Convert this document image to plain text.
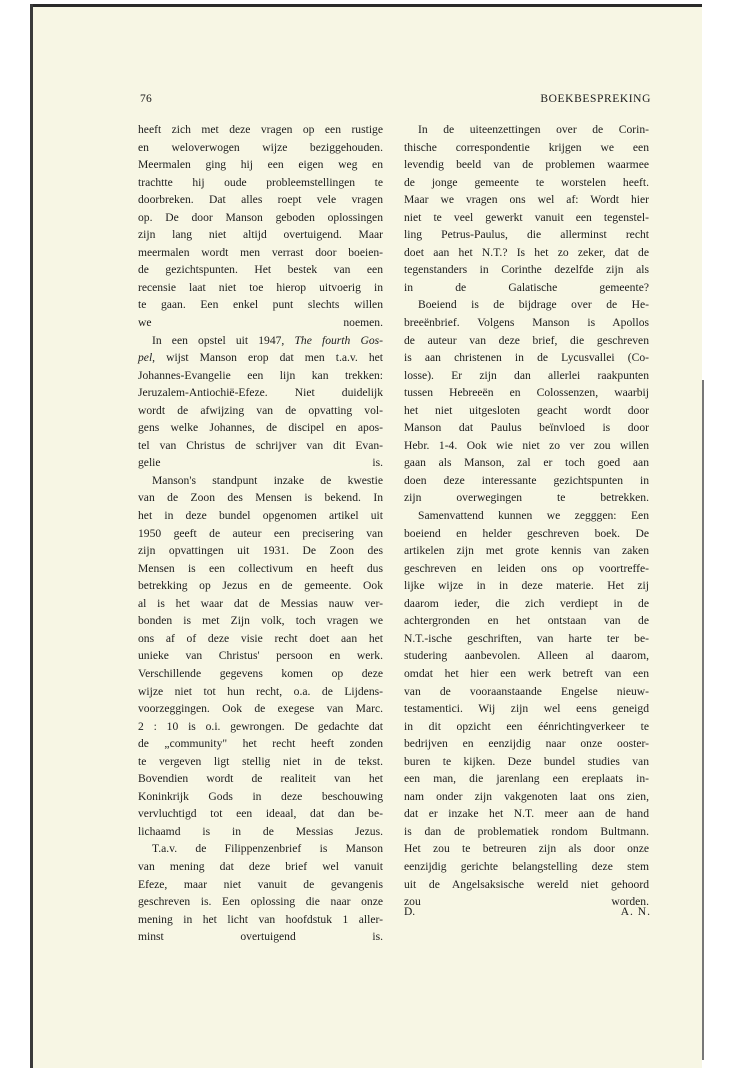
76	BOEKBESPREKING

heeft zich met deze vragen op een rustige
en weloverwogen wijze beziggehouden.
Meermalen ging hij een eigen weg en
trachtte hij oude probleemstellingen te
doorbreken. Dat alles roept vele vragen
op. De door Manson geboden oplossingen
zijn lang niet altijd overtuigend. Maar
meermalen wordt men verrast door boeien-
de gezichtspunten. Het bestek van een
recensie laat niet toe hierop uitvoerig in
te gaan. Een enkel punt slechts willen
we noemen.

In een opstel uit 1947, The fourth Gos-
pel, wijst Manson erop dat men t.a.v. het
Johannes-Evangelie een lijn kan trekken:
Jeruzalem-Antiochië-Efeze. Niet duidelijk
wordt de afwijzing van de opvatting vol-
gens welke Johannes, de discipel en apos-
tel van Christus de schrijver van dit Evan-
gelie is.

Manson's standpunt inzake de kwestie
van de Zoon des Mensen is bekend. In
het in deze bundel opgenomen artikel uit
1950 geeft de auteur een precisering van
zijn opvattingen uit 1931. De Zoon des
Mensen is een collectivum en heeft dus
betrekking op Jezus en de gemeente. Ook
al is het waar dat de Messias nauw ver-
bonden is met Zijn volk, toch vragen we
ons af of deze visie recht doet aan het
unieke van Christus' persoon en werk.
Verschillende gegevens komen op deze
wijze niet tot hun recht, o.a. de Lijdens-
voorzeggingen. Ook de exegese van Marc.
2 : 10 is o.i. gewrongen. De gedachte dat
de „community" het recht heeft zonden
te vergeven ligt stellig niet in de tekst.
Bovendien wordt de realiteit van het
Koninkrijk Gods in deze beschouwing
vervluchtigd tot een ideaal, dat dan be-
lichaamd is in de Messias Jezus.

T.a.v. de Filippenzenbrief is Manson
van mening dat deze brief wel vanuit
Efeze, maar niet vanuit de gevangenis
geschreven is. Een oplossing die naar onze
mening in het licht van hoofdstuk 1 aller-
minst overtuigend is.

In de uiteenzettingen over de Corin-
thische correspondentie krijgen we een
levendig beeld van de problemen waarmee
de jonge gemeente te worstelen heeft.
Maar we vragen ons wel af: Wordt hier
niet te veel gewerkt vanuit een tegenstel-
ling Petrus-Paulus, die allerminst recht
doet aan het N.T.? Is het zo zeker, dat de
tegenstanders in Corinthe dezelfde zijn als
in de Galatische gemeente?

Boeiend is de bijdrage over de He-
breeënbrief. Volgens Manson is Apollos
de auteur van deze brief, die geschreven
is aan christenen in de Lycusvallei (Co-
losse). Er zijn dan allerlei raakpunten
tussen Hebreeën en Colossenzen, waarbij
het niet uitgesloten geacht wordt door
Manson dat Paulus beïnvloed is door
Hebr. 1-4. Ook wie niet zo ver zou willen
gaan als Manson, zal er toch goed aan
doen deze interessante gezichtspunten in
zijn overwegingen te betrekken.

Samenvattend kunnen we zegggen: Een
boeiend en helder geschreven boek. De
artikelen zijn met grote kennis van zaken
geschreven en leiden ons op voortreffe-
lijke wijze in in deze materie. Het zij
daarom ieder, die zich verdiept in de
achtergronden en het ontstaan van de
N.T.-ische geschriften, van harte ter be-
studering aanbevolen. Alleen al daarom,
omdat het hier een werk betreft van een
van de vooraanstaande Engelse nieuw-
testamentici. Wij zijn wel eens geneigd
in dit opzicht een éénrichtingverkeer te
bedrijven en eenzijdig naar onze ooster-
buren te kijken. Deze bundel studies van
een man, die jarenlang een ereplaats in-
nam onder zijn vakgenoten laat ons zien,
dat er inzake het N.T. meer aan de hand
is dan de problematiek rondom Bultmann.
Het zou te betreuren zijn als door onze
eenzijdig gerichte belangstelling deze stem
uit de Angelsaksische wereld niet gehoord
zou worden.

D.	A. N.
